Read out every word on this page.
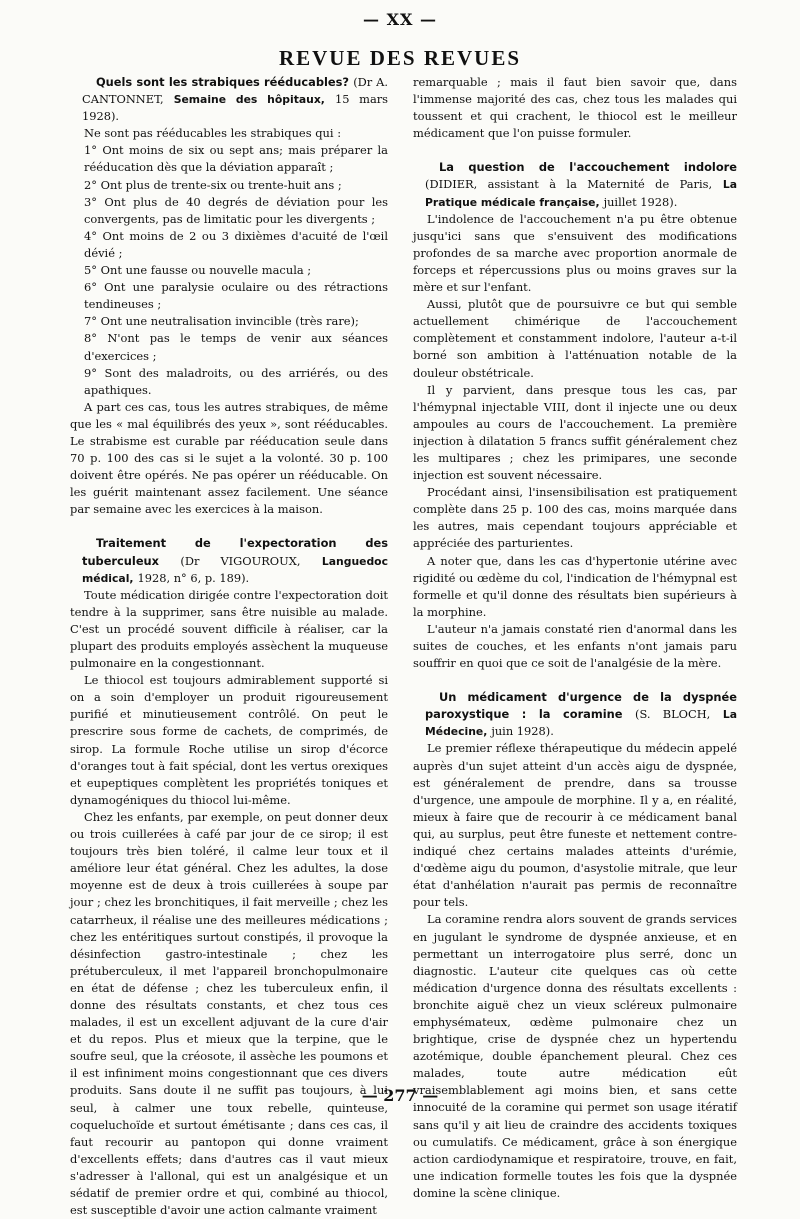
— XX —
REVUE DES REVUES

Quels sont les strabiques rééducables? (Dr A. CANTONNET, Semaine des hôpitaux, 15 mars 1928).

Ne sont pas rééducables les strabiques qui :

1° Ont moins de six ou sept ans; mais préparer la rééducation dès que la déviation apparaît ;

2° Ont plus de trente-six ou trente-huit ans ;

3° Ont plus de 40 degrés de déviation pour les convergents, pas de limitatic pour les divergents ;

4° Ont moins de 2 ou 3 dixièmes d'acuité de l'œil dévié ;

5° Ont une fausse ou nouvelle macula ;

6° Ont une paralysie oculaire ou des rétractions tendineuses ;

7° Ont une neutralisation invincible (très rare);

8° N'ont pas le temps de venir aux séances d'exercices ;

9° Sont des maladroits, ou des arriérés, ou des apathiques.

A part ces cas, tous les autres strabiques, de même que les « mal équilibrés des yeux », sont rééducables. Le strabisme est curable par rééducation seule dans 70 p. 100 des cas si le sujet a la volonté. 30 p. 100 doivent être opérés. Ne pas opérer un rééducable. On les guérit maintenant assez facilement. Une séance par semaine avec les exercices à la maison.

Traitement de l'expectoration des tuberculeux (Dr VIGOUROUX, Languedoc médical, 1928, n° 6, p. 189).

Toute médication dirigée contre l'expectoration doit tendre à la supprimer, sans être nuisible au malade. C'est un procédé souvent difficile à réaliser, car la plupart des produits employés assèchent la muqueuse pulmonaire en la congestionnant.

Le thiocol est toujours admirablement supporté si on a soin d'employer un produit rigoureusement purifié et minutieusement contrôlé. On peut le prescrire sous forme de cachets, de comprimés, de sirop. La formule Roche utilise un sirop d'écorce d'oranges tout à fait spécial, dont les vertus orexiques et eupeptiques complètent les propriétés toniques et dynamogéniques du thiocol lui-même.

Chez les enfants, par exemple, on peut donner deux ou trois cuillerées à café par jour de ce sirop; il est toujours très bien toléré, il calme leur toux et il améliore leur état général. Chez les adultes, la dose moyenne est de deux à trois cuillerées à soupe par jour ; chez les bronchitiques, il fait merveille ; chez les catarrheux, il réalise une des meilleures médications ; chez les entéritiques surtout constipés, il provoque la désinfection gastro-intestinale ; chez les prétuberculeux, il met l'appareil bronchopulmonaire en état de défense ; chez les tuberculeux enfin, il donne des résultats constants, et chez tous ces malades, il est un excellent adjuvant de la cure d'air et du repos. Plus et mieux que la terpine, que le soufre seul, que la créosote, il assèche les poumons et il est infiniment moins congestionnant que ces divers produits. Sans doute il ne suffit pas toujours, à lui seul, à calmer une toux rebelle, quinteuse, coqueluchoïde et surtout émétisante ; dans ces cas, il faut recourir au pantopon qui donne vraiment d'excellents effets; dans d'autres cas il vaut mieux s'adresser à l'allonal, qui est un analgésique et un sédatif de premier ordre et qui, combiné au thiocol, est susceptible d'avoir une action calmante vraiment

remarquable ; mais il faut bien savoir que, dans l'immense majorité des cas, chez tous les malades qui toussent et qui crachent, le thiocol est le meilleur médicament que l'on puisse formuler.

La question de l'accouchement indolore (DIDIER, assistant à la Maternité de Paris, La Pratique médicale française, juillet 1928).

L'indolence de l'accouchement n'a pu être obtenue jusqu'ici sans que s'ensuivent des modifications profondes de sa marche avec proportion anormale de forceps et répercussions plus ou moins graves sur la mère et sur l'enfant.

Aussi, plutôt que de poursuivre ce but qui semble actuellement chimérique de l'accouchement complètement et constamment indolore, l'auteur a-t-il borné son ambition à l'atténuation notable de la douleur obstétricale.

Il y parvient, dans presque tous les cas, par l'hémypnal injectable VIII, dont il injecte une ou deux ampoules au cours de l'accouchement. La première injection à dilatation 5 francs suffit généralement chez les multipares ; chez les primipares, une seconde injection est souvent nécessaire.

Procédant ainsi, l'insensibilisation est pratiquement complète dans 25 p. 100 des cas, moins marquée dans les autres, mais cependant toujours appréciable et appréciée des parturientes.

A noter que, dans les cas d'hypertonie utérine avec rigidité ou œdème du col, l'indication de l'hémypnal est formelle et qu'il donne des résultats bien supérieurs à la morphine.

L'auteur n'a jamais constaté rien d'anormal dans les suites de couches, et les enfants n'ont jamais paru souffrir en quoi que ce soit de l'analgésie de la mère.

Un médicament d'urgence de la dyspnée paroxystique : la coramine (S. BLOCH, La Médecine, juin 1928).

Le premier réflexe thérapeutique du médecin appelé auprès d'un sujet atteint d'un accès aigu de dyspnée, est généralement de prendre, dans sa trousse d'urgence, une ampoule de morphine. Il y a, en réalité, mieux à faire que de recourir à ce médicament banal qui, au surplus, peut être funeste et nettement contre-indiqué chez certains malades atteints d'urémie, d'œdème aigu du poumon, d'asystolie mitrale, que leur état d'anhélation n'aurait pas permis de reconnaître pour tels.

La coramine rendra alors souvent de grands services en jugulant le syndrome de dyspnée anxieuse, et en permettant un interrogatoire plus serré, donc un diagnostic. L'auteur cite quelques cas où cette médication d'urgence donna des résultats excellents : bronchite aiguë chez un vieux scléreux pulmonaire emphysémateux, œdème pulmonaire chez un brightique, crise de dyspnée chez un hypertendu azotémique, double épanchement pleural. Chez ces malades, toute autre médication eût vraisemblablement agi moins bien, et sans cette innocuité de la coramine qui permet son usage itératif sans qu'il y ait lieu de craindre des accidents toxiques ou cumulatifs. Ce médicament, grâce à son énergique action cardiodynamique et respiratoire, trouve, en fait, une indication formelle toutes les fois que la dyspnée domine la scène clinique.

— 277 —
